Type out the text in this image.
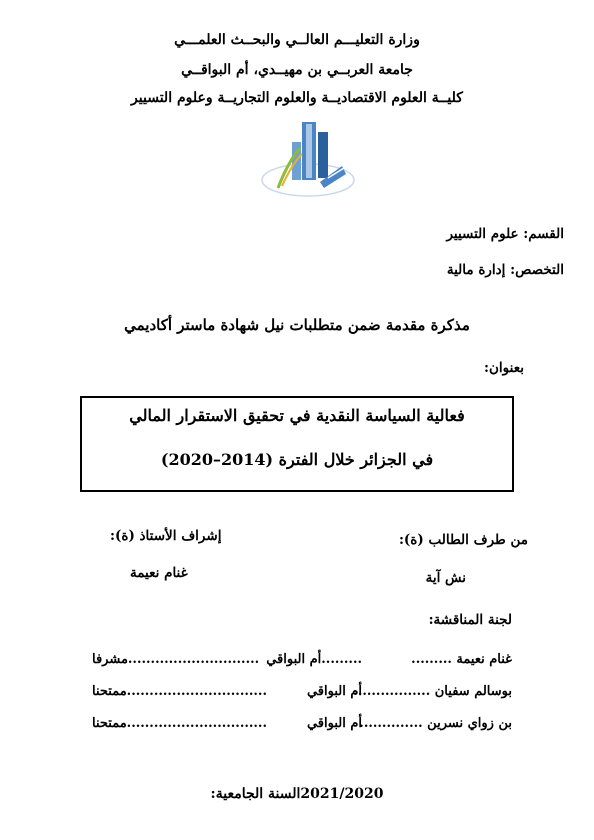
وزارة التعليـــم العالــي والبحــث العلمـــي
جامعة العربــي بن مهيــدي، أم البواقــي
كليــة العلوم الاقتصاديــة والعلوم التجاريــة وعلوم التسيير
القسم: علوم التسيير
التخصص: إدارة مالية
مذكرة مقدمة ضمن متطلبات نيل شهادة ماستر أكاديمي
بعنوان:
فعالية السياسة النقدية في تحقيق الاستقرار المالي
في الجزائر خلال الفترة (2014–2020)
من طرف الطالب (ة):
إشراف الأستاذ (ة):
نش آية
غنام نعيمة
لجنة المناقشة:
غنام نعيمة .........
.........أم البواقي
.............................مشرفا
بوسالم سفيان .................
أم البواقي
...............................ممتحنا
بن زواي نسرين ..............
أم البواقي
...............................ممتحنا
2021/2020السنة الجامعية:
